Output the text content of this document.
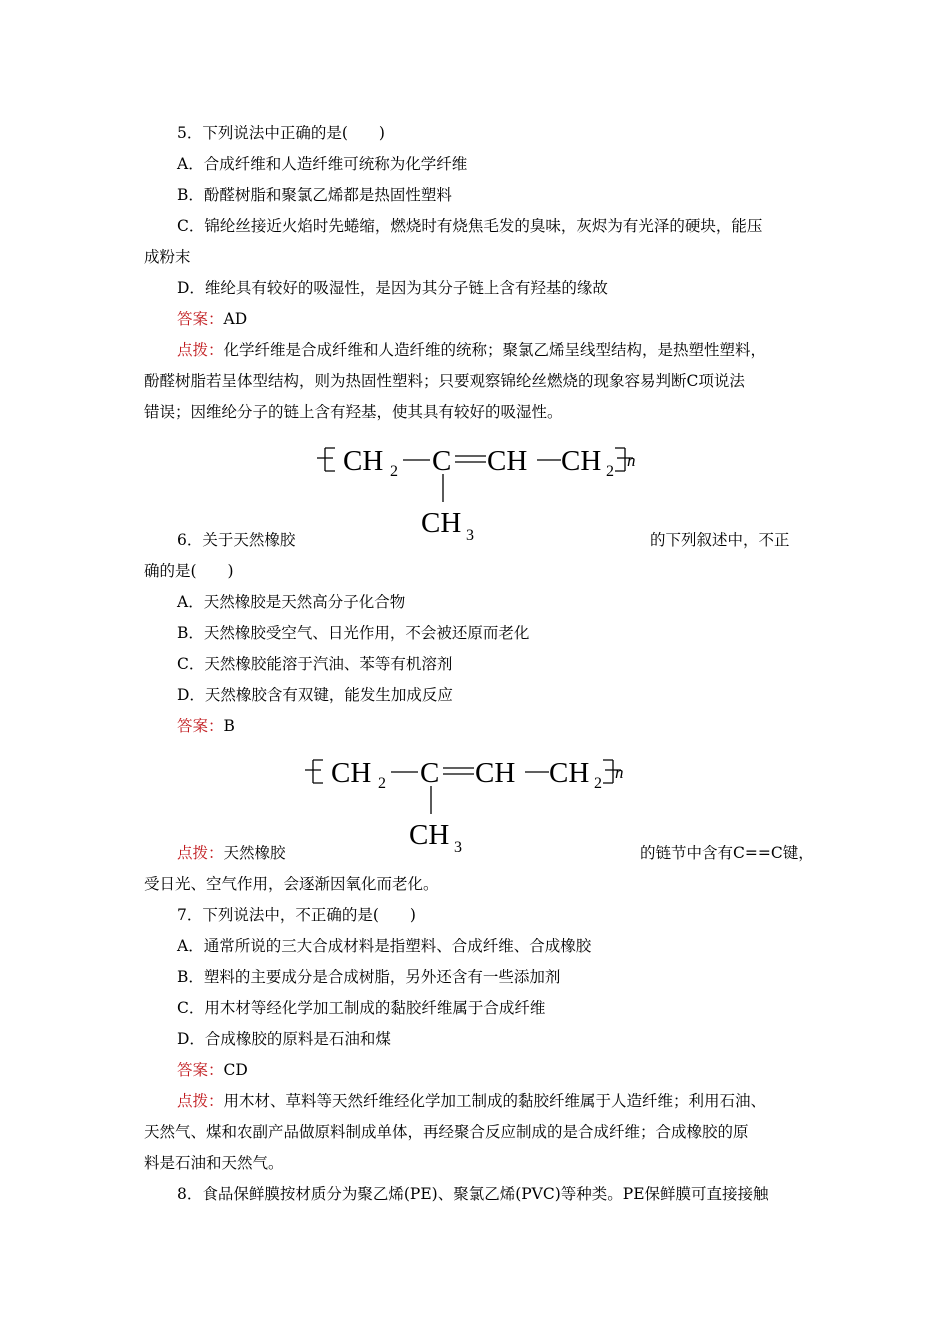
5．下列说法中正确的是(　　)
A．合成纤维和人造纤维可统称为化学纤维
B．酚醛树脂和聚氯乙烯都是热固性塑料
C．锦纶丝接近火焰时先蜷缩，燃烧时有烧焦毛发的臭味，灰烬为有光泽的硬块，能压
成粉末
D．维纶具有较好的吸湿性，是因为其分子链上含有羟基的缘故
答案：AD
点拨：化学纤维是合成纤维和人造纤维的统称；聚氯乙烯呈线型结构，是热塑性塑料，
酚醛树脂若呈体型结构，则为热固性塑料；只要观察锦纶丝燃烧的现象容易判断C项说法
错误；因维纶分子的链上含有羟基，使其具有较好的吸湿性。
CH 2 C CH CH 2
CH 3
n
6．关于天然橡胶	的下列叙述中，不正
确的是(　　)
A．天然橡胶是天然高分子化合物
B．天然橡胶受空气、日光作用，不会被还原而老化
C．天然橡胶能溶于汽油、苯等有机溶剂
D．天然橡胶含有双键，能发生加成反应
答案：B
CH 2 C CH CH 2
CH 3
n
点拨：天然橡胶	的链节中含有C==C键，
受日光、空气作用，会逐渐因氧化而老化。
7．下列说法中，不正确的是(　　)
A．通常所说的三大合成材料是指塑料、合成纤维、合成橡胶
B．塑料的主要成分是合成树脂，另外还含有一些添加剂
C．用木材等经化学加工制成的黏胶纤维属于合成纤维
D．合成橡胶的原料是石油和煤
答案：CD
点拨：用木材、草料等天然纤维经化学加工制成的黏胶纤维属于人造纤维；利用石油、
天然气、煤和农副产品做原料制成单体，再经聚合反应制成的是合成纤维；合成橡胶的原
料是石油和天然气。
8．食品保鲜膜按材质分为聚乙烯(PE)、聚氯乙烯(PVC)等种类。PE保鲜膜可直接接触
